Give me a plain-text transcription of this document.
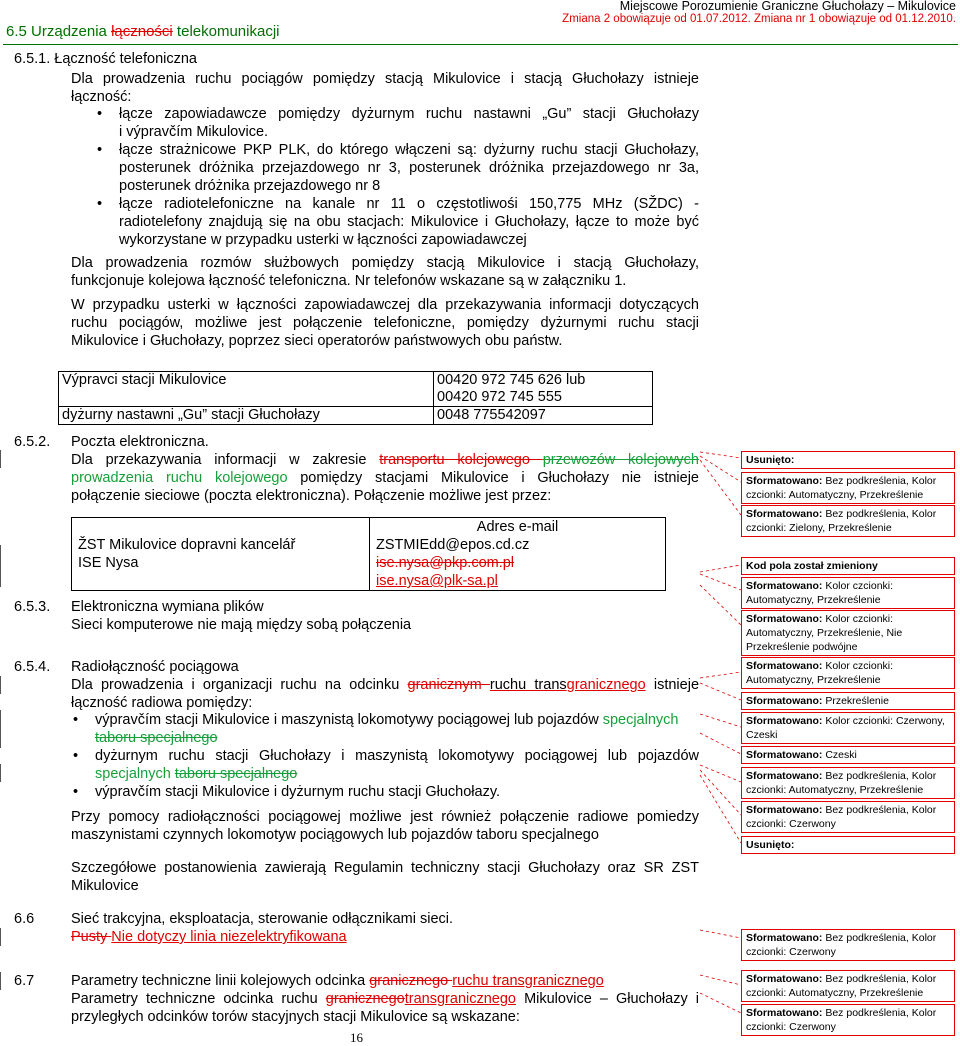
6.5 Urządzenia łączności telekomunikacji
Miejscowe Porozumienie Graniczne Głuchołazy – Mikulovice
Zmiana 2 obowiązuje od 01.07.2012. Zmiana nr 1 obowiązuje od 01.12.2010.
6.5.1. Łączność telefoniczna
Dla prowadzenia ruchu pociągów pomiędzy stacją Mikulovice i stacją Głuchołazy istnieje
łączność:
• łącze zapowiadawcze pomiędzy dyżurnym ruchu nastawni „Gu” stacji Głuchołazy
i výpravčím Mikulovice.
• łącze strażnicowe PKP PLK, do którego włączeni są: dyżurny ruchu stacji Głuchołazy,
posterunek dróżnika przejazdowego nr 3, posterunek dróżnika przejazdowego nr 3a,
posterunek dróżnika przejazdowego nr 8
• łącze radiotelefoniczne na kanale nr 11 o częstotliwośi 150,775 MHz (SŽDC) -
radiotelefony znajdują się na obu stacjach: Mikulovice i Głuchołazy, łącze to może być
wykorzystane w przypadku usterki w łączności zapowiadawczej
Dla prowadzenia rozmów służbowych pomiędzy stacją Mikulovice i stacją Głuchołazy,
funkcjonuje kolejowa łączność telefoniczna. Nr telefonów wskazane są w załączniku 1.
W przypadku usterki w łączności zapowiadawczej dla przekazywania informacji dotyczących
ruchu pociągów, możliwe jest połączenie telefoniczne, pomiędzy dyżurnymi ruchu stacji
Mikulovice i Głuchołazy, poprzez sieci operatorów państwowych obu państw.
Výpravci stacji Mikulovice	00420 972 745 626 lub
00420 972 745 555

dyżurny nastawni „Gu” stacji Głuchołazy	0048 775542097
6.5.2. Poczta elektroniczna.
Dla przekazywania informacji w zakresie transportu kolejowego przewozów kolejowych
prowadzenia ruchu kolejowego pomiędzy stacjami Mikulovice i Głuchołazy nie istnieje
połączenie sieciowe (poczta elektroniczna). Połączenie możliwe jest przez:
	Adres e-mail
ŽST Mikulovice dopravni kancelář	ZSTMIEdd@epos.cd.cz
ISE Nysa	ise.nysa@pkp.com.pl
ise.nysa@plk-sa.pl
6.5.3. Elektroniczna wymiana plików
Sieci komputerowe nie mają między sobą połączenia
6.5.4. Radiołączność pociągowa
Dla prowadzenia i organizacji ruchu na odcinku granicznym ruchu transgranicznego istnieje
łączność radiowa pomiędzy:
• výpravčím stacji Mikulovice i maszynistą lokomotywy pociągowej lub pojazdów specjalnych
taboru specjalnego
• dyżurnym ruchu stacji Głuchołazy i maszynistą lokomotywy pociągowej lub pojazdów
specjalnych taboru specjalnego
• výpravčím stacji Mikulovice i dyżurnym ruchu stacji Głuchołazy.
Przy pomocy radiołączności pociągowej możliwe jest również połączenie radiowe pomiedzy
maszynistami czynnych lokomotyw pociągowych lub pojazdów taboru specjalnego
Szczegółowe postanowienia zawierają Regulamin techniczny stacji Głuchołazy oraz SR ZST
Mikulovice
6.6	Sieć trakcyjna, eksploatacja, sterowanie odłącznikami sieci.
Pusty Nie dotyczy linia niezelektryfikowana
6.7	Parametry techniczne linii kolejowych odcinka granicznego ruchu transgranicznego
Parametry techniczne odcinka ruchu granicznegotransgranicznego Mikulovice – Głuchołazy i
przyległych odcinków torów stacyjnych stacji Mikulovice są wskazane:
Usunięto:
Sformatowano: Bez podkreślenia, Kolor czcionki: Automatyczny, Przekreślenie
Sformatowano: Bez podkreślenia, Kolor czcionki: Zielony, Przekreślenie
Kod pola został zmieniony
Sformatowano: Kolor czcionki: Automatyczny, Przekreślenie
Sformatowano: Kolor czcionki: Automatyczny, Przekreślenie, Nie Przekreślenie podwójne
Sformatowano: Kolor czcionki: Automatyczny, Przekreślenie
Sformatowano: Przekreślenie
Sformatowano: Kolor czcionki: Czerwony, Czeski
Sformatowano: Czeski
Sformatowano: Bez podkreślenia, Kolor czcionki: Automatyczny, Przekreślenie
Sformatowano: Bez podkreślenia, Kolor czcionki: Czerwony
Usunięto:
Sformatowano: Bez podkreślenia, Kolor czcionki: Czerwony
Sformatowano: Bez podkreślenia, Kolor czcionki: Automatyczny, Przekreślenie
Sformatowano: Bez podkreślenia, Kolor czcionki: Czerwony
16
